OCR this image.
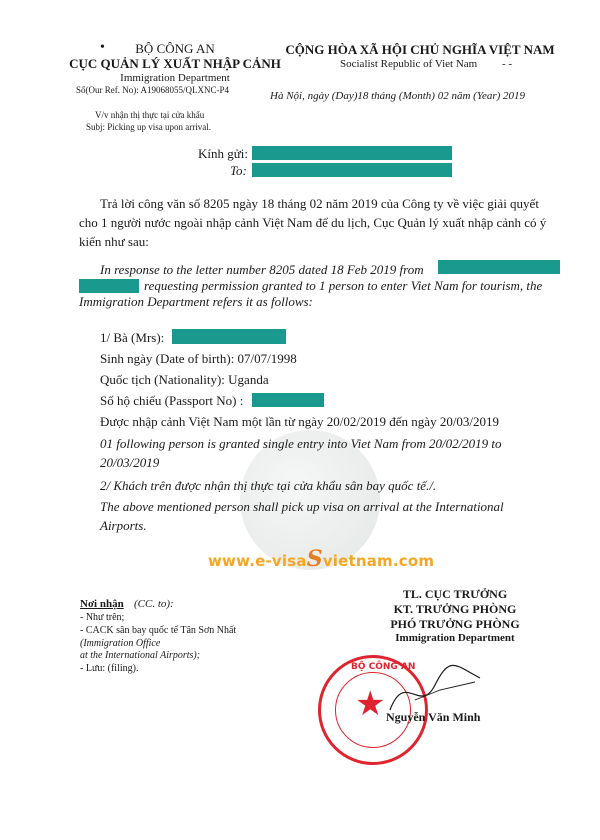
•	BỘ CÔNG AN
CỤC QUẢN LÝ XUẤT NHẬP CẢNH
Immigration Department
Số(Our Ref. No): A19068055/QLXNC-P4
CỘNG HÒA XÃ HỘI CHỦ NGHĨA VIỆT NAM
Socialist Republic of Viet Nam - -
Hà Nội, ngày (Day)18 tháng (Month) 02 năm (Year) 2019
V/v nhận thị thực tại cửa khẩu
Subj: Picking up visa upon arrival.
Kính gửi:
To:
Trả lời công văn số 8205 ngày 18 tháng 02 năm 2019 của Công ty về việc giải quyết
cho 1 người nước ngoài nhập cảnh Việt Nam để du lịch, Cục Quản lý xuất nhập cảnh có ý
kiến như sau:
In response to the letter number 8205 dated 18 Feb 2019 from
requesting permission granted to 1 person to enter Viet Nam for tourism, the
Immigration Department refers it as follows:
1/ Bà (Mrs):
Sinh ngày (Date of birth): 07/07/1998
Quốc tịch (Nationality): Uganda
Số hộ chiếu (Passport No) :
Được nhập cảnh Việt Nam một lần từ ngày 20/02/2019 đến ngày 20/03/2019
01 following person is granted single entry into Viet Nam from 20/02/2019 to
20/03/2019
2/ Khách trên được nhận thị thực tại cửa khẩu sân bay quốc tế./.
The above mentioned person shall pick up visa on arrival at the International
Airports.
www.e-visaSvietnam.com
Nơi nhận (CC. to):
- Như trên;
- CACK sân bay quốc tế Tân Sơn Nhất
(Immigration Office
at the International Airports);
- Lưu: (filing).
TL. CỤC TRƯỞNG
KT. TRƯỞNG PHÒNG
PHÓ TRƯỞNG PHÒNG
Immigration Department
BỘ CÔNG AN
★ Nguyễn Văn Minh
